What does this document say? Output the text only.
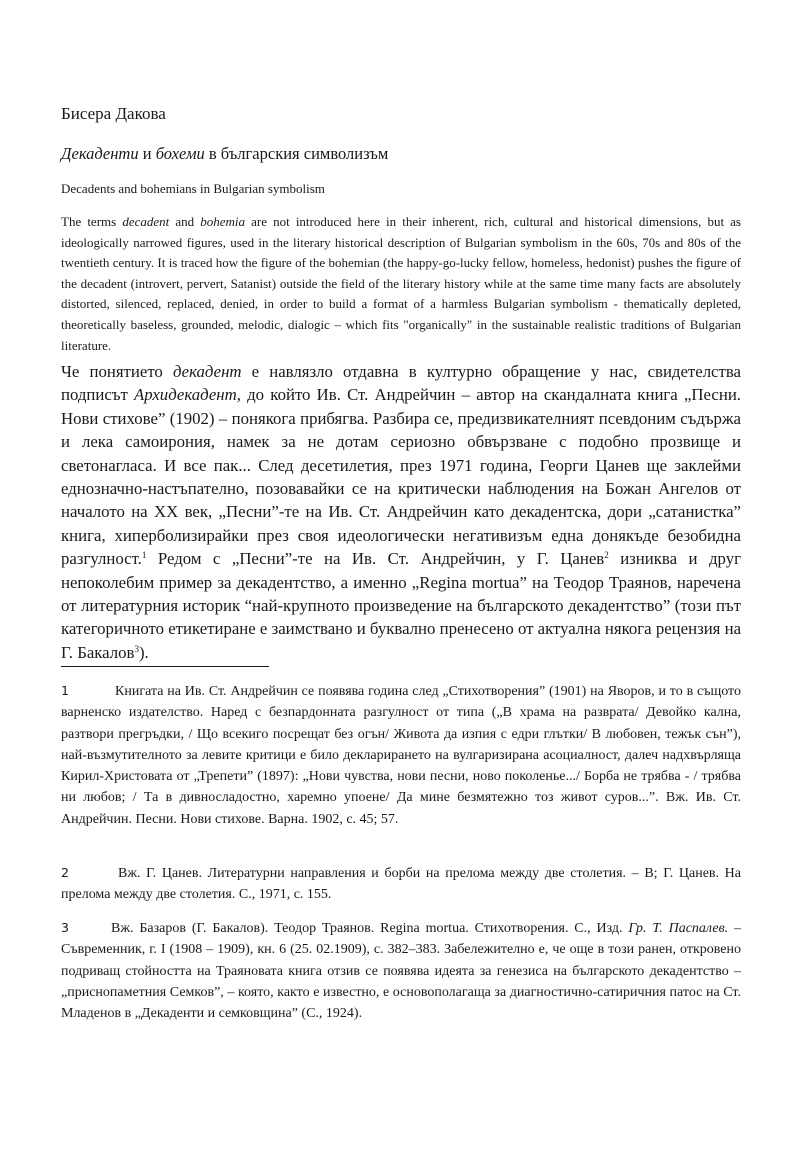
Бисера Дакова
Декаденти и бохеми в българския символизъм
Decadents and bohemians in Bulgarian symbolism

The terms decadent and bohemia are not introduced here in their inherent, rich, cultural and historical dimensions, but as ideologically narrowed figures, used in the literary historical description of Bulgarian symbolism in the 60s, 70s and 80s of the twentieth century. It is traced how the figure of the bohemian (the happy-go-lucky fellow, homeless, hedonist) pushes the figure of the decadent (introvert, pervert, Satanist) outside the field of the literary history while at the same time many facts are absolutely distorted, silenced, replaced, denied, in order to build a format of a harmless Bulgarian symbolism - thematically depleted, theoretically baseless, grounded, melodic, dialogic – which fits "organically" in the sustainable realistic traditions of Bulgarian literature.

Че понятието декадент е навлязло отдавна в културно обращение у нас, свидетелства подписът Архидекадент, до който Ив. Ст. Андрейчин – автор на скандалната книга „Песни. Нови стихове” (1902) – понякога прибягва. Разбира се, предизвикателният псевдоним съдържа и лека самоирония, намек за не дотам сериозно обвързване с подобно прозвище и светонагласа. И все пак... След десетилетия, през 1971 година, Георги Цанев ще заклейми еднозначно-настъпателно, позовавайки се на критически наблюдения на Божан Ангелов от началото на XX век, „Песни”-те на Ив. Ст. Андрейчин като декадентска, дори „сатанистка” книга, хиперболизирайки през своя идеологически негативизъм една донякъде безобидна разгулност.$^1$ Редом с „Песни”-те на Ив. Ст. Андрейчин, у Г. Цанев$^2$ изниква и друг непоколебим пример за декадентство, а именно „Regina mortua” на Теодор Траянов, наречена от литературния историк “най-крупното произведение на българското декадентство” (този път категоричното етикетиране е заимствано и буквално пренесено от актуална някога рецензия на Г. Бакалов$^3$).

1	Книгата на Ив. Ст. Андрейчин се появява година след „Стихотворения” (1901) на Яворов, и то в същото варненско издателство. Наред с безпардонната разгулност от типа („В храма на разврата/ Девойко кална, разтвори прегръдки, / Що всекиго посрещат без огън/ Живота да изпия с едри глътки/ В любовен, тежък сън”), най-възмутителното за левите критици е било декларирането на вулгаризирана асоциалност, далеч надхвърляща Кирил-Христовата от „Трепети” (1897): „Нови чувства, нови песни, ново поколенье.../ Борба не трябва - / трябва ни любов; / Та в дивносладостно, харемно упоене/ Да мине безмятежно тоз живот суров...”. Вж. Ив. Ст. Андрейчин. Песни. Нови стихове. Варна. 1902, с. 45; 57.

2	Вж. Г. Цанев. Литературни направления и борби на прелома между две столетия. – В; Г. Цанев. На прелома между две столетия. С., 1971, с. 155.

3	Вж. Базаров (Г. Бакалов). Теодор Траянов. Regina mortua. Стихотворения. С., Изд. Гр. Т. Паспалев. –Съвременник, г. I (1908 – 1909), кн. 6 (25. 02.1909), с. 382–383. Забележително е, че още в този ранен, откровено подриващ стойността на Траяновата книга отзив се появява идеята за генезиса на българското декадентство – „приснопаметния Семков”, – която, както е известно, е основополагаща за диагностично-сатиричния патос на Ст. Младенов в „Декаденти и семковщина” (С., 1924).
